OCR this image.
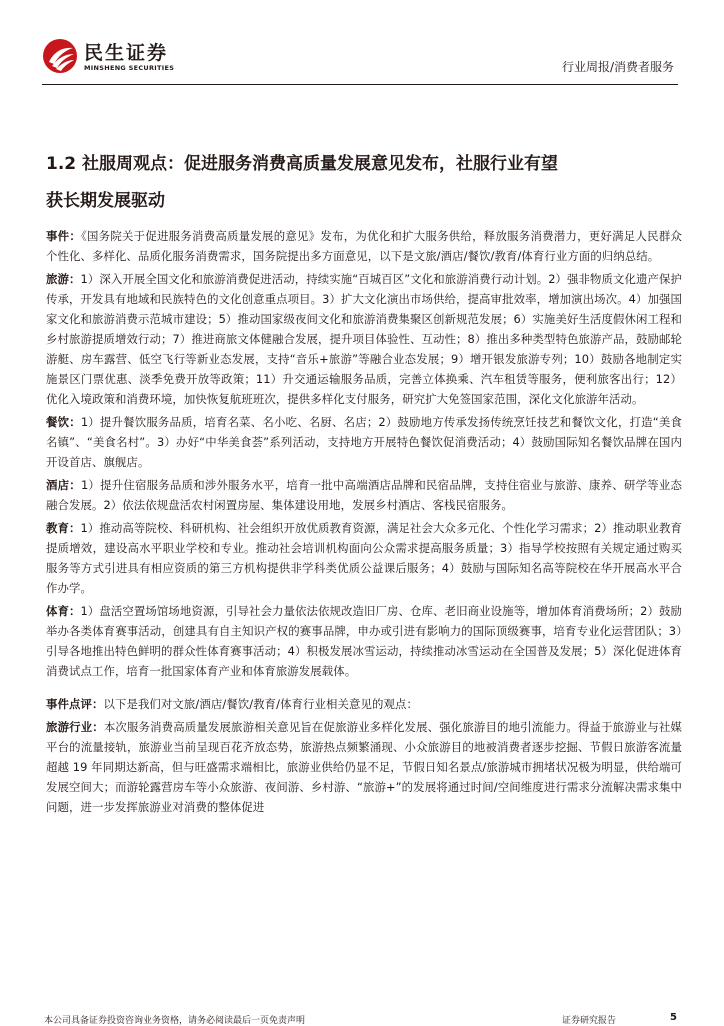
民生证券
MINSHENG SECURITIES	行业周报/消费者服务
1.2 社服周观点：促进服务消费高质量发展意见发布，社服行业有望
获长期发展驱动

事件：《国务院关于促进服务消费高质量发展的意见》发布，为优化和扩大服务供给，释放服务消费潜力，更好满足人民群众个性化、多样化、品质化服务消费需求，国务院提出多方面意见，以下是文旅/酒店/餐饮/教育/体育行业方面的归纳总结。

旅游：1）深入开展全国文化和旅游消费促进活动，持续实施“百城百区”文化和旅游消费行动计划。2）强非物质文化遗产保护传承，开发具有地域和民族特色的文化创意重点项目。3）扩大文化演出市场供给，提高审批效率，增加演出场次。4）加强国家文化和旅游消费示范城市建设；5）推动国家级夜间文化和旅游消费集聚区创新规范发展；6）实施美好生活度假休闲工程和乡村旅游提质增效行动；7）推进商旅文体健融合发展，提升项目体验性、互动性；8）推出多种类型特色旅游产品，鼓励邮轮游艇、房车露营、低空飞行等新业态发展，支持“音乐+旅游”等融合业态发展；9）增开银发旅游专列；10）鼓励各地制定实施景区门票优惠、淡季免费开放等政策；11）升交通运输服务品质，完善立体换乘、汽车租赁等服务，便利旅客出行；12）优化入境政策和消费环境，加快恢复航班班次，提供多样化支付服务，研究扩大免签国家范围，深化文化旅游年活动。

餐饮：1）提升餐饮服务品质，培育名菜、名小吃、名厨、名店；2）鼓励地方传承发扬传统烹饪技艺和餐饮文化，打造“美食名镇”、“美食名村”。3）办好“中华美食荟”系列活动，支持地方开展特色餐饮促消费活动；4）鼓励国际知名餐饮品牌在国内开设首店、旗舰店。

酒店：1）提升住宿服务品质和涉外服务水平，培育一批中高端酒店品牌和民宿品牌，支持住宿业与旅游、康养、研学等业态融合发展。2）依法依规盘活农村闲置房屋、集体建设用地，发展乡村酒店、客栈民宿服务。

教育：1）推动高等院校、科研机构、社会组织开放优质教育资源，满足社会大众多元化、个性化学习需求；2）推动职业教育提质增效，建设高水平职业学校和专业。推动社会培训机构面向公众需求提高服务质量；3）指导学校按照有关规定通过购买服务等方式引进具有相应资质的第三方机构提供非学科类优质公益课后服务；4）鼓励与国际知名高等院校在华开展高水平合作办学。

体育：1）盘活空置场馆场地资源，引导社会力量依法依规改造旧厂房、仓库、老旧商业设施等，增加体育消费场所；2）鼓励举办各类体育赛事活动，创建具有自主知识产权的赛事品牌，申办或引进有影响力的国际顶级赛事，培育专业化运营团队；3）引导各地推出特色鲜明的群众性体育赛事活动；4）积极发展冰雪运动，持续推动冰雪运动在全国普及发展；5）深化促进体育消费试点工作，培育一批国家体育产业和体育旅游发展载体。

事件点评：以下是我们对文旅/酒店/餐饮/教育/体育行业相关意见的观点：

旅游行业：本次服务消费高质量发展旅游相关意见旨在促旅游业多样化发展、强化旅游目的地引流能力。得益于旅游业与社媒平台的流量接轨，旅游业当前呈现百花齐放态势，旅游热点频繁涌现、小众旅游目的地被消费者逐步挖掘、节假日旅游客流量超越 19 年同期达新高，但与旺盛需求端相比，旅游业供给仍显不足，节假日知名景点/旅游城市拥堵状况极为明显，供给端可发展空间大；而游轮露营房车等小众旅游、夜间游、乡村游、“旅游+”的发展将通过时间/空间维度进行需求分流解决需求集中问题，进一步发挥旅游业对消费的整体促进

本公司具备证券投资咨询业务资格，请务必阅读最后一页免责声明	证券研究报告	5
